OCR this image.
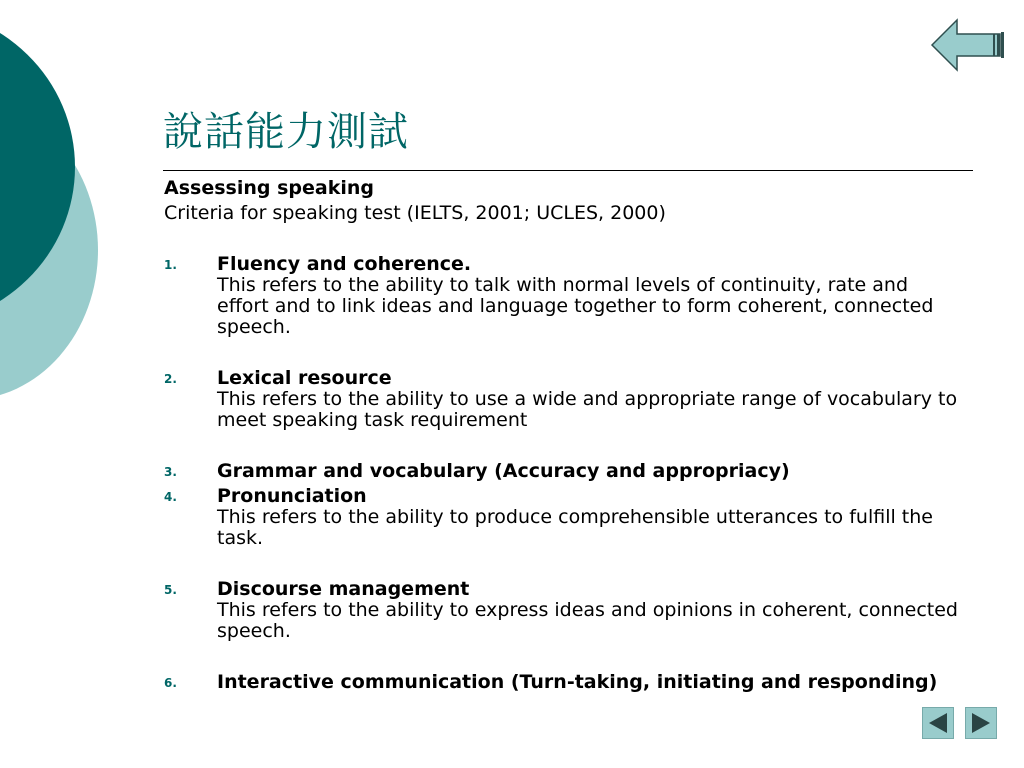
說話能力測試
Assessing speaking
Criteria for speaking test (IELTS, 2001; UCLES, 2000)
1. Fluency and coherence.
This refers to the ability to talk with normal levels of continuity, rate and effort and to link ideas and language together to form coherent, connected speech.
2. Lexical resource
This refers to the ability to use a wide and appropriate range of vocabulary to meet speaking task requirement
3. Grammar and vocabulary (Accuracy and appropriacy)
4. Pronunciation
This refers to the ability to produce comprehensible utterances to fulfill the task.
5. Discourse management
This refers to the ability to express ideas and opinions in coherent, connected speech.
6. Interactive communication (Turn-taking, initiating and responding)
